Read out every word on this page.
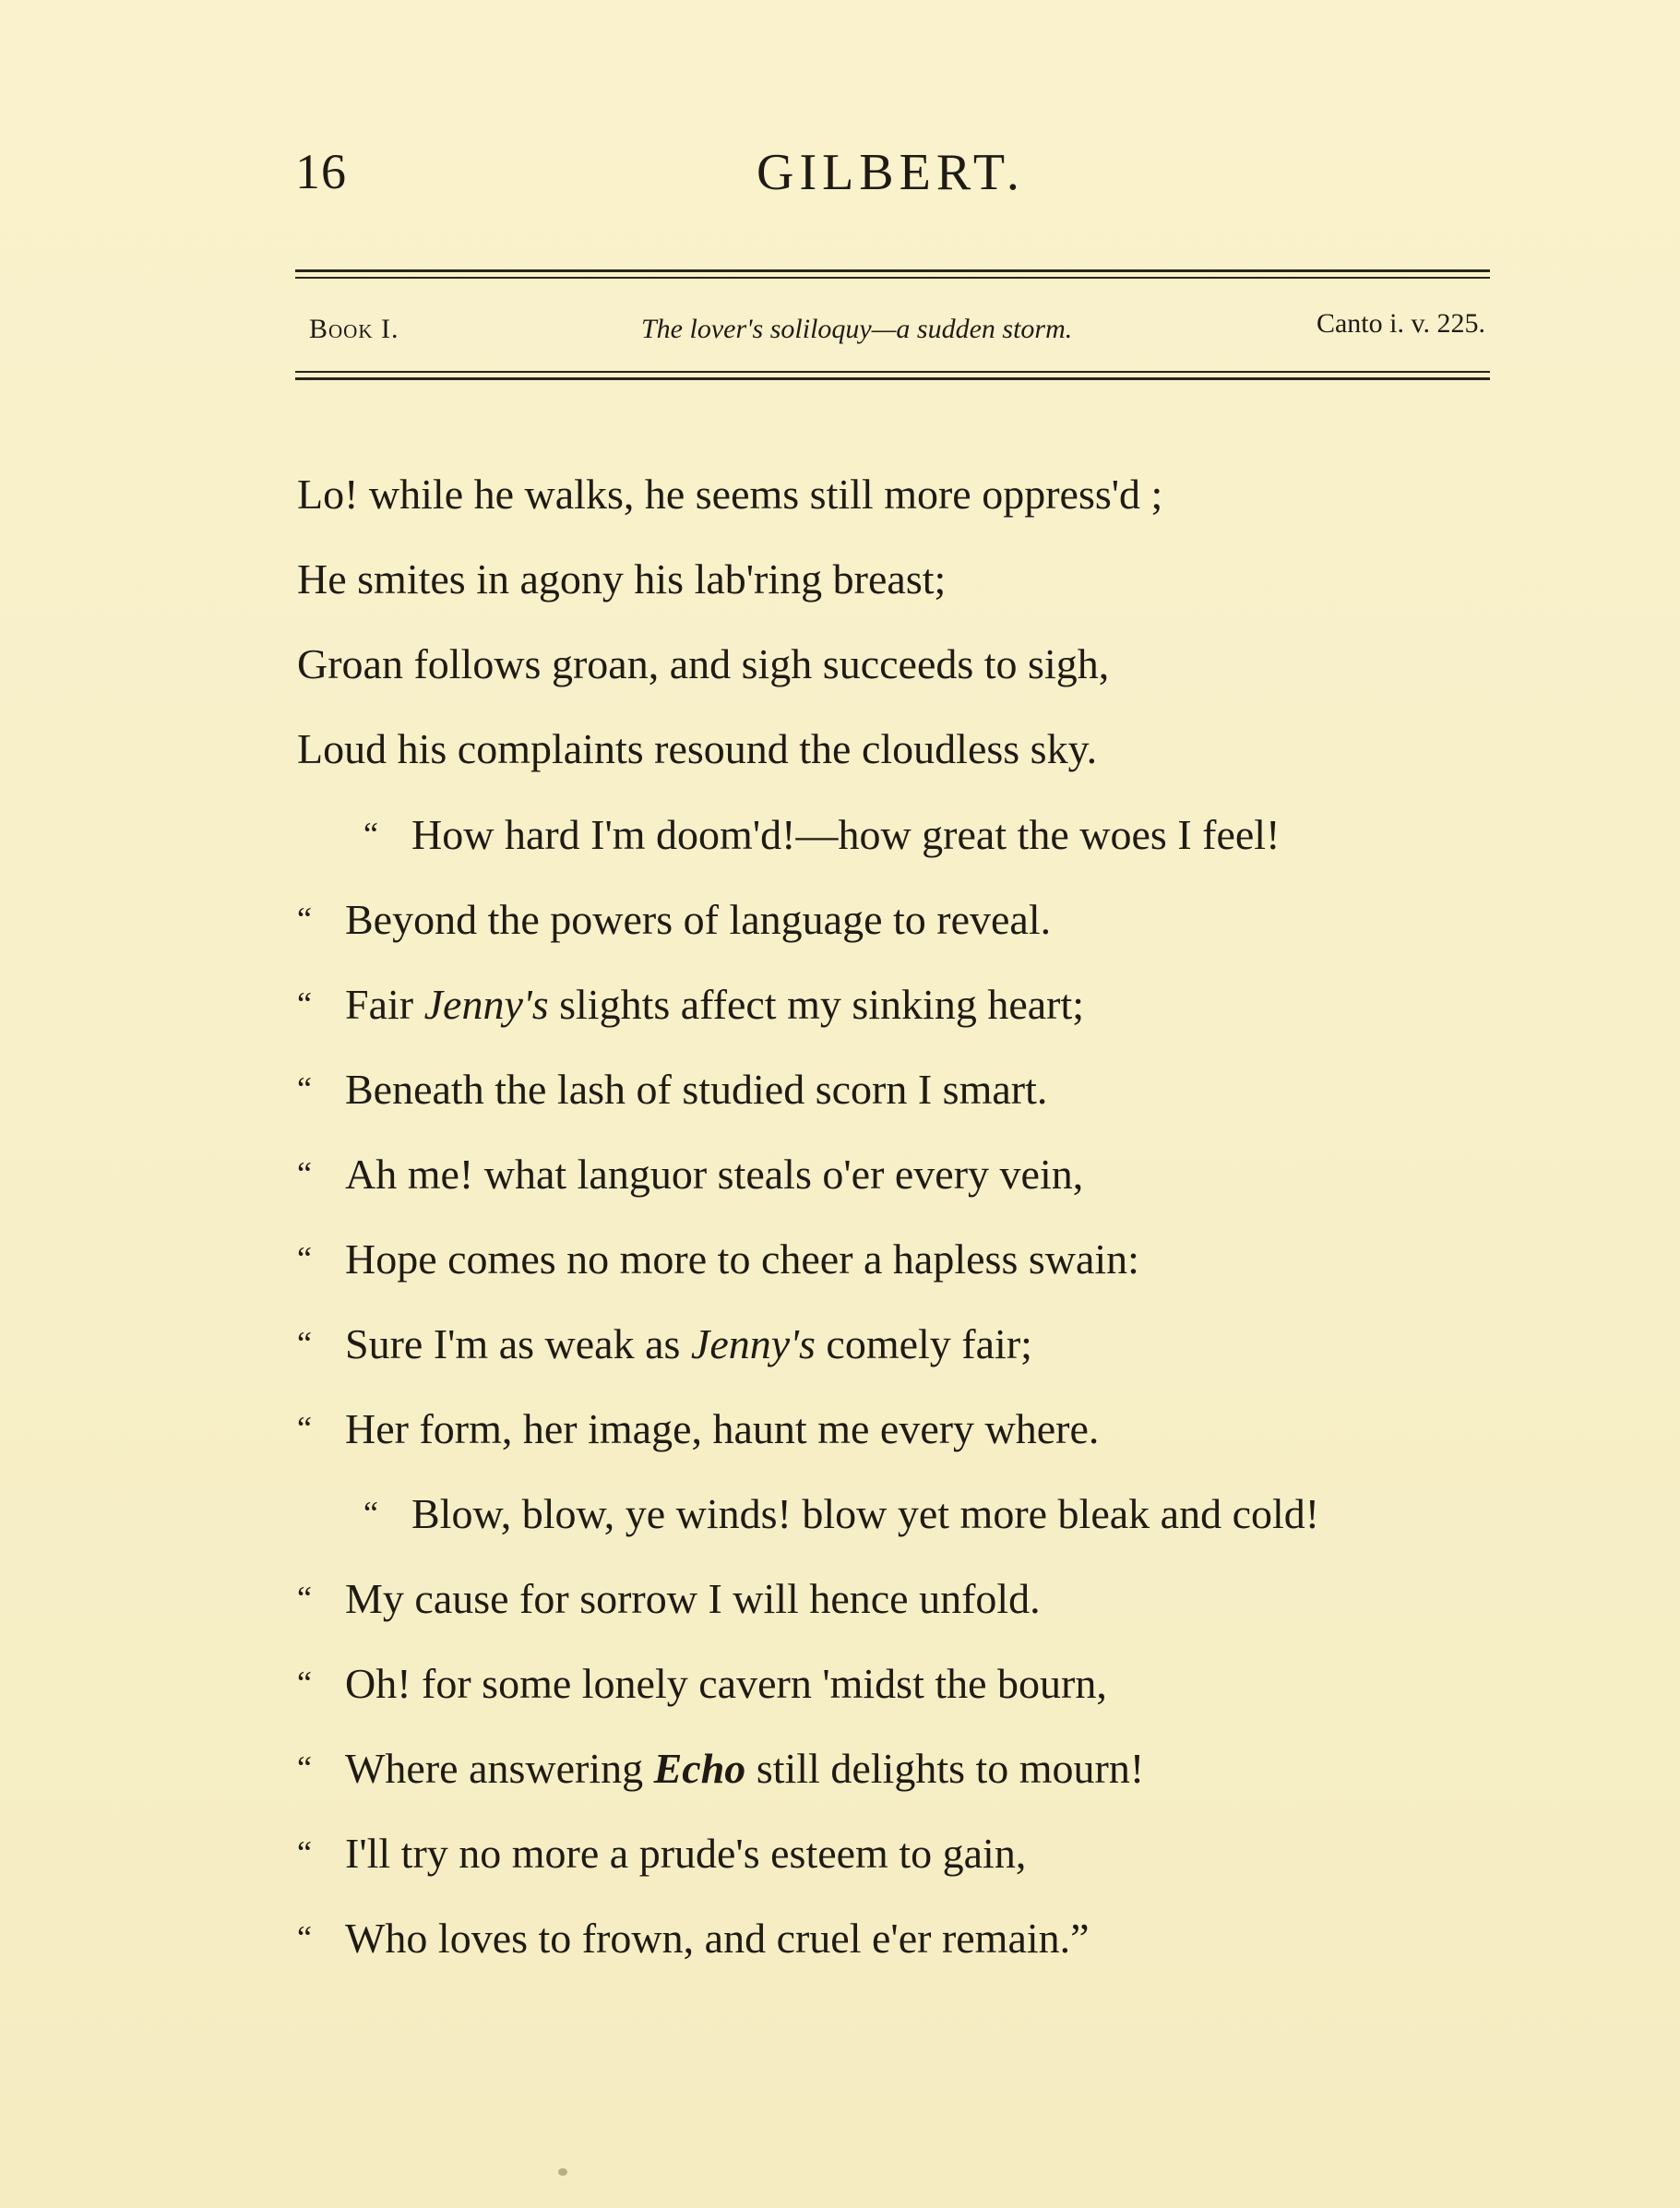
16	GILBERT.
Book I.	The lover's soliloquy—a sudden storm.	Canto i. v. 225.
Lo! while he walks, he seems still more oppress'd ;
He smites in agony his lab'ring breast;
Groan follows groan, and sigh succeeds to sigh,
Loud his complaints resound the cloudless sky.
“ How hard I'm doom'd!—how great the woes I feel!
“ Beyond the powers of language to reveal.
“ Fair Jenny's slights affect my sinking heart;
“ Beneath the lash of studied scorn I smart.
“ Ah me! what languor steals o'er every vein,
“ Hope comes no more to cheer a hapless swain:
“ Sure I'm as weak as Jenny's comely fair;
“ Her form, her image, haunt me every where.
“ Blow, blow, ye winds! blow yet more bleak and cold!
“ My cause for sorrow I will hence unfold.
“ Oh! for some lonely cavern 'midst the bourn,
“ Where answering Echo still delights to mourn!
“ I'll try no more a prude's esteem to gain,
“ Who loves to frown, and cruel e'er remain.”
